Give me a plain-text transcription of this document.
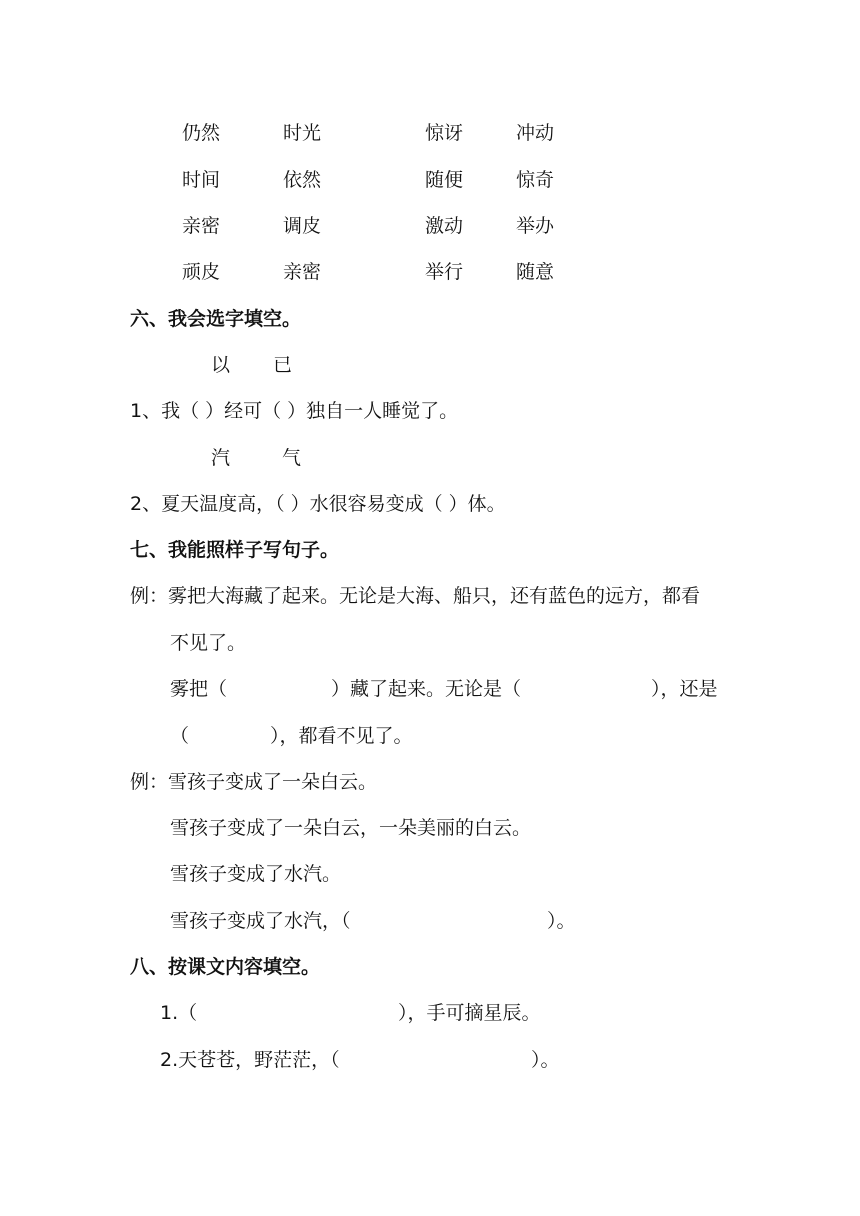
仍然	时光	惊讶	冲动
时间	依然	随便	惊奇
亲密	调皮	激动	举办
顽皮	亲密	举行	随意
六、我会选字填空。
以 已
1、我（ ）经可（ ）独自一人睡觉了。
汽	气
2、夏天温度高，（ ）水很容易变成（ ）体。
七、我能照样子写句子。
例：雾把大海藏了起来。无论是大海、船只，还有蓝色的远方，都看
不见了。
雾把（	）藏了起来。无论是（	），还是
（	），都看不见了。
例：雪孩子变成了一朵白云。
雪孩子变成了一朵白云，一朵美丽的白云。
雪孩子变成了水汽。
雪孩子变成了水汽，（	）。
八、按课文内容填空。
1.（	），手可摘星辰。
2.天苍苍，野茫茫，（	）。
